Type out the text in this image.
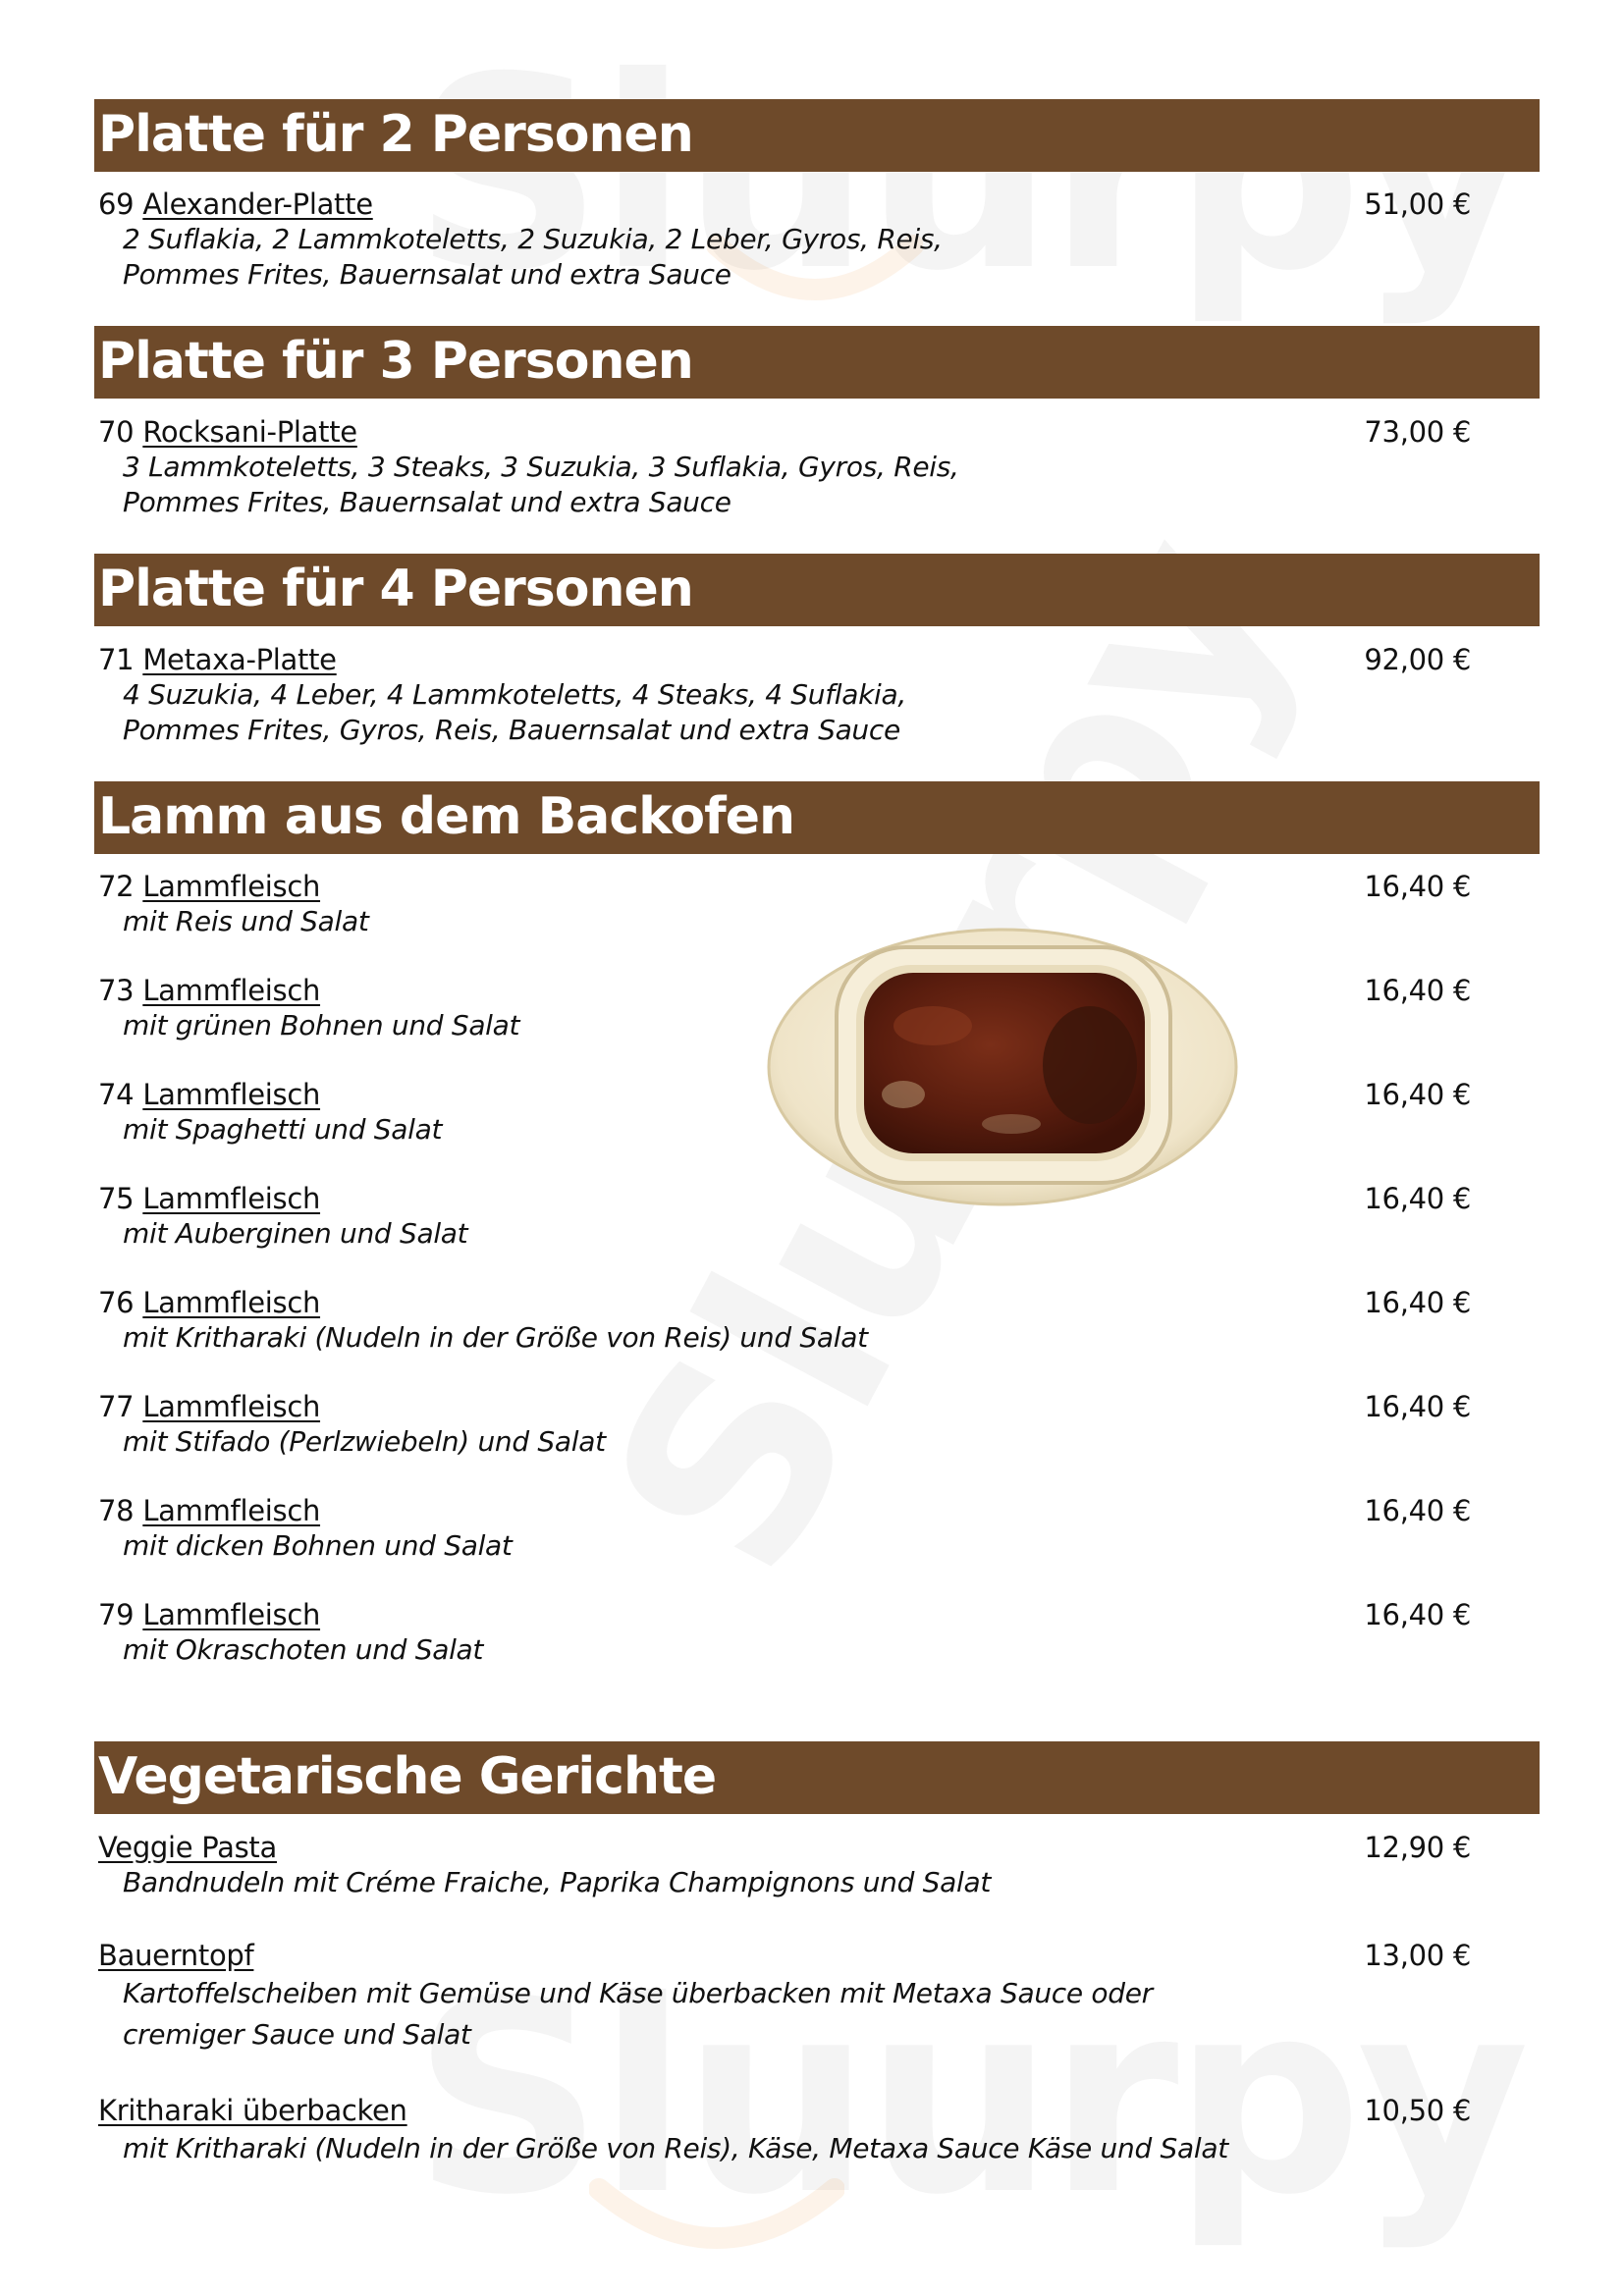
Platte für 2 Personen
69 Alexander-Platte
2 Suflakia, 2 Lammkoteletts, 2 Suzukia, 2 Leber, Gyros, Reis,
Pommes Frites, Bauernsalat und extra Sauce
51,00 €
Platte für 3 Personen
70 Rocksani-Platte
3 Lammkoteletts, 3 Steaks, 3 Suzukia, 3 Suflakia, Gyros, Reis,
Pommes Frites, Bauernsalat und extra Sauce
73,00 €
Platte für 4 Personen
71 Metaxa-Platte
4 Suzukia, 4 Leber, 4 Lammkoteletts, 4 Steaks, 4 Suflakia,
Pommes Frites, Gyros, Reis, Bauernsalat und extra Sauce
92,00 €
Lamm aus dem Backofen
72 Lammfleisch
mit Reis und Salat
16,40 €
73 Lammfleisch
mit grünen Bohnen und Salat
16,40 €
74 Lammfleisch
mit Spaghetti und Salat
16,40 €
75 Lammfleisch
mit Auberginen und Salat
16,40 €
76 Lammfleisch
mit Kritharaki (Nudeln in der Größe von Reis) und Salat
16,40 €
77 Lammfleisch
mit Stifado (Perlzwiebeln) und Salat
16,40 €
78 Lammfleisch
mit dicken Bohnen und Salat
16,40 €
79 Lammfleisch
mit Okraschoten und Salat
16,40 €
Vegetarische Gerichte
Veggie Pasta
Bandnudeln mit Créme Fraiche, Paprika Champignons und Salat
12,90 €
Bauerntopf
Kartoffelscheiben mit Gemüse und Käse überbacken mit Metaxa Sauce oder
cremiger Sauce und Salat
13,00 €
Kritharaki überbacken
mit Kritharaki (Nudeln in der Größe von Reis), Käse, Metaxa Sauce Käse und Salat
10,50 €
